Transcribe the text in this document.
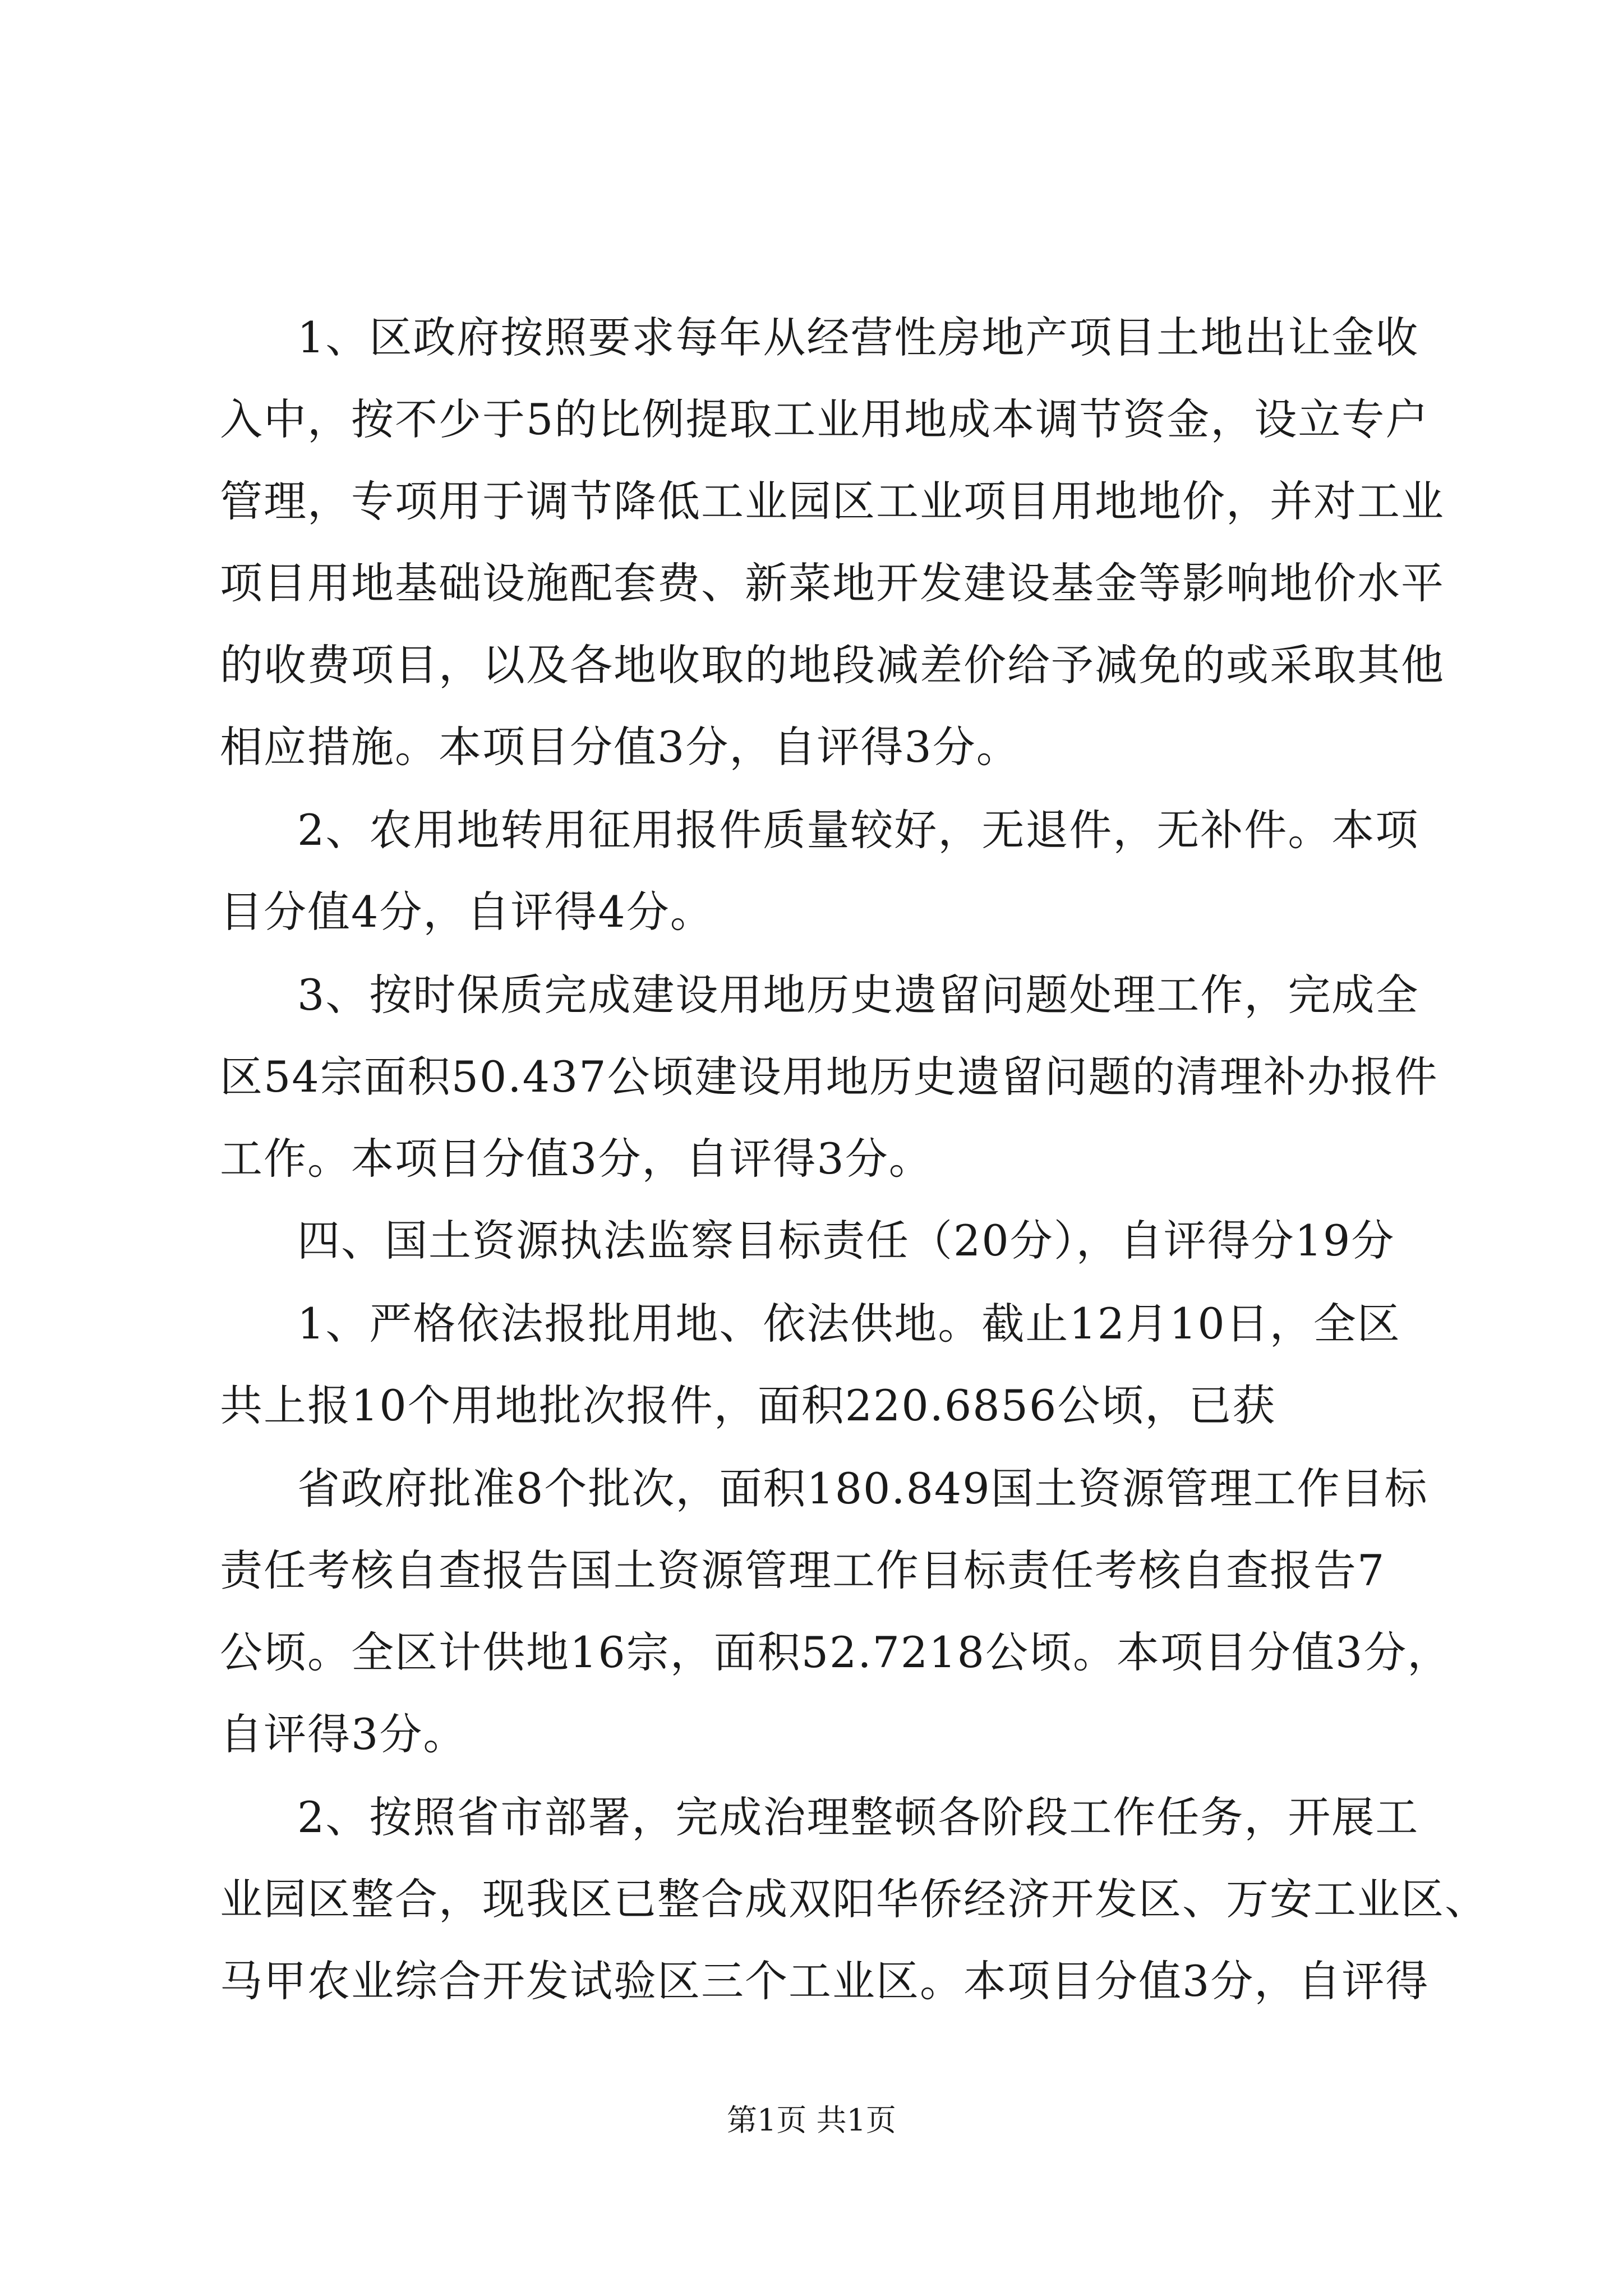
1、区政府按照要求每年从经营性房地产项目土地出让金收
入中，按不少于5的比例提取工业用地成本调节资金，设立专户
管理，专项用于调节降低工业园区工业项目用地地价，并对工业
项目用地基础设施配套费、新菜地开发建设基金等影响地价水平
的收费项目，以及各地收取的地段减差价给予减免的或采取其他
相应措施。本项目分值3分，自评得3分。
2、农用地转用征用报件质量较好，无退件，无补件。本项
目分值4分，自评得4分。
3、按时保质完成建设用地历史遗留问题处理工作，完成全
区54宗面积50.437公顷建设用地历史遗留问题的清理补办报件
工作。本项目分值3分，自评得3分。
四、国土资源执法监察目标责任（20分），自评得分19分
1、严格依法报批用地、依法供地。截止12月10日，全区
共上报10个用地批次报件，面积220.6856公顷，已获
省政府批准8个批次，面积180.849国土资源管理工作目标
责任考核自查报告国土资源管理工作目标责任考核自查报告7
公顷。全区计供地16宗，面积52.7218公顷。本项目分值3分，
自评得3分。
2、按照省市部署，完成治理整顿各阶段工作任务，开展工
业园区整合，现我区已整合成双阳华侨经济开发区、万安工业区、
马甲农业综合开发试验区三个工业区。本项目分值3分，自评得
第1页 共1页
